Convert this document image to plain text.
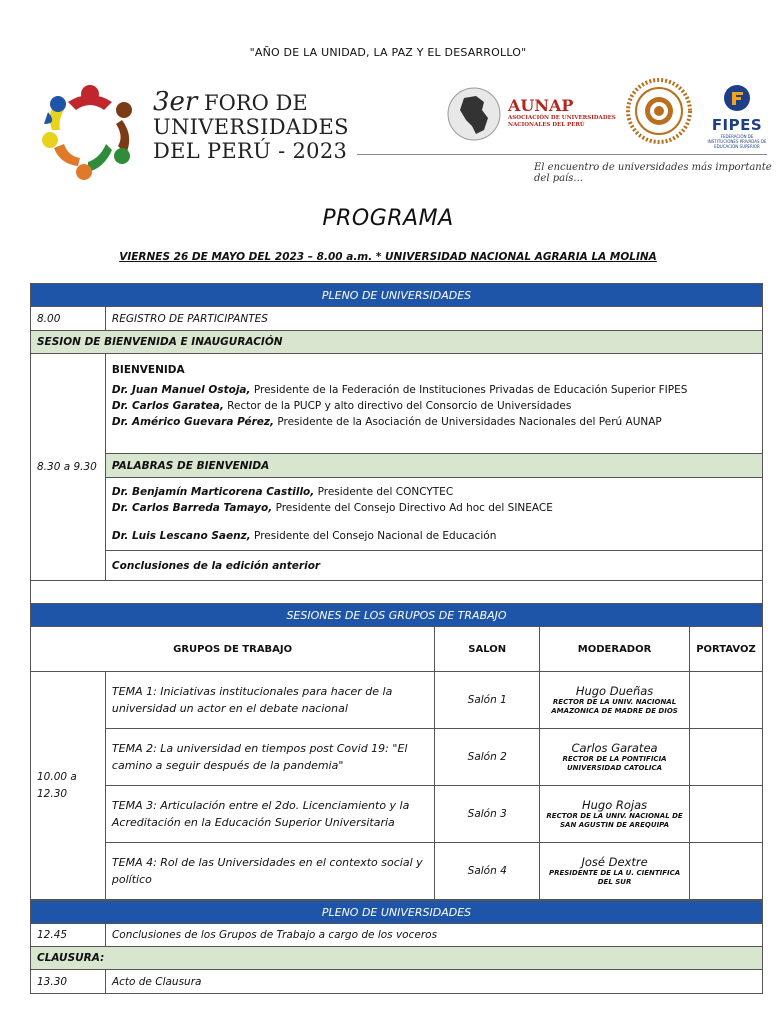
"AÑO DE LA UNIDAD, LA PAZ Y EL DESARROLLO"
3er FORO DE
UNIVERSIDADES
DEL PERÚ - 2023
AUNAP
ASOCIACIÓN DE UNIVERSIDADES
NACIONALES DEL PERÚ	FIPES
FEDERACIÓN DE INSTITUCIONES PRIVADAS DE EDUCACIÓN SUPERIOR
El encuentro de universidades más importante del país...
PROGRAMA
VIERNES 26 DE MAYO DEL 2023 – 8.00 a.m. * UNIVERSIDAD NACIONAL AGRARIA LA MOLINA
PLENO DE UNIVERSIDADES	
8.00	REGISTRO DE PARTICIPANTES
SESION DE BIENVENIDA E INAUGURACIÓN	
8.30 a 9.30	BIENVENIDA
Dr. Juan Manuel Ostoja, Presidente de la Federación de Instituciones Privadas de Educación Superior FIPES
Dr. Carlos Garatea, Rector de la PUCP y alto directivo del Consorcio de Universidades
Dr. Américo Guevara Pérez, Presidente de la Asociación de Universidades Nacionales del Perú AUNAP

	PALABRAS DE BIENVENIDA

	Dr. Benjamín Marticorena Castillo, Presidente del CONCYTEC
Dr. Carlos Barreda Tamayo, Presidente del Consejo Directivo Ad hoc del SINEACE
Dr. Luis Lescano Saenz, Presidente del Consejo Nacional de Educación

	Conclusiones de la edición anterior

SESIONES DE LOS GRUPOS DE TRABAJO				
GRUPOS DE TRABAJO		SALON	MODERADOR	PORTAVOZ
10.00 a 12.30	TEMA 1: Iniciativas institucionales para hacer de la universidad un actor en el debate nacional	Salón 1	Hugo Dueñas
RECTOR DE LA UNIV. NACIONAL AMAZONICA DE MADRE DE DIOS	

	TEMA 2: La universidad en tiempos post Covid 19: "El camino a seguir después de la pandemia"	Salón 2	Carlos Garatea
RECTOR DE LA PONTIFICIA UNIVERSIDAD CATOLICA	

	TEMA 3: Articulación entre el 2do. Licenciamiento y la Acreditación en la Educación Superior Universitaria	Salón 3	Hugo Rojas
RECTOR DE LA UNIV. NACIONAL DE SAN AGUSTIN DE AREQUIPA	

	TEMA 4: Rol de las Universidades en el contexto social y político	Salón 4	José Dextre
PRESIDENTE DE LA U. CIENTIFICA DEL SUR	

PLENO DE UNIVERSIDADES	
12.45	Conclusiones de los Grupos de Trabajo a cargo de los voceros
CLAUSURA:	
13.30	Acto de Clausura
